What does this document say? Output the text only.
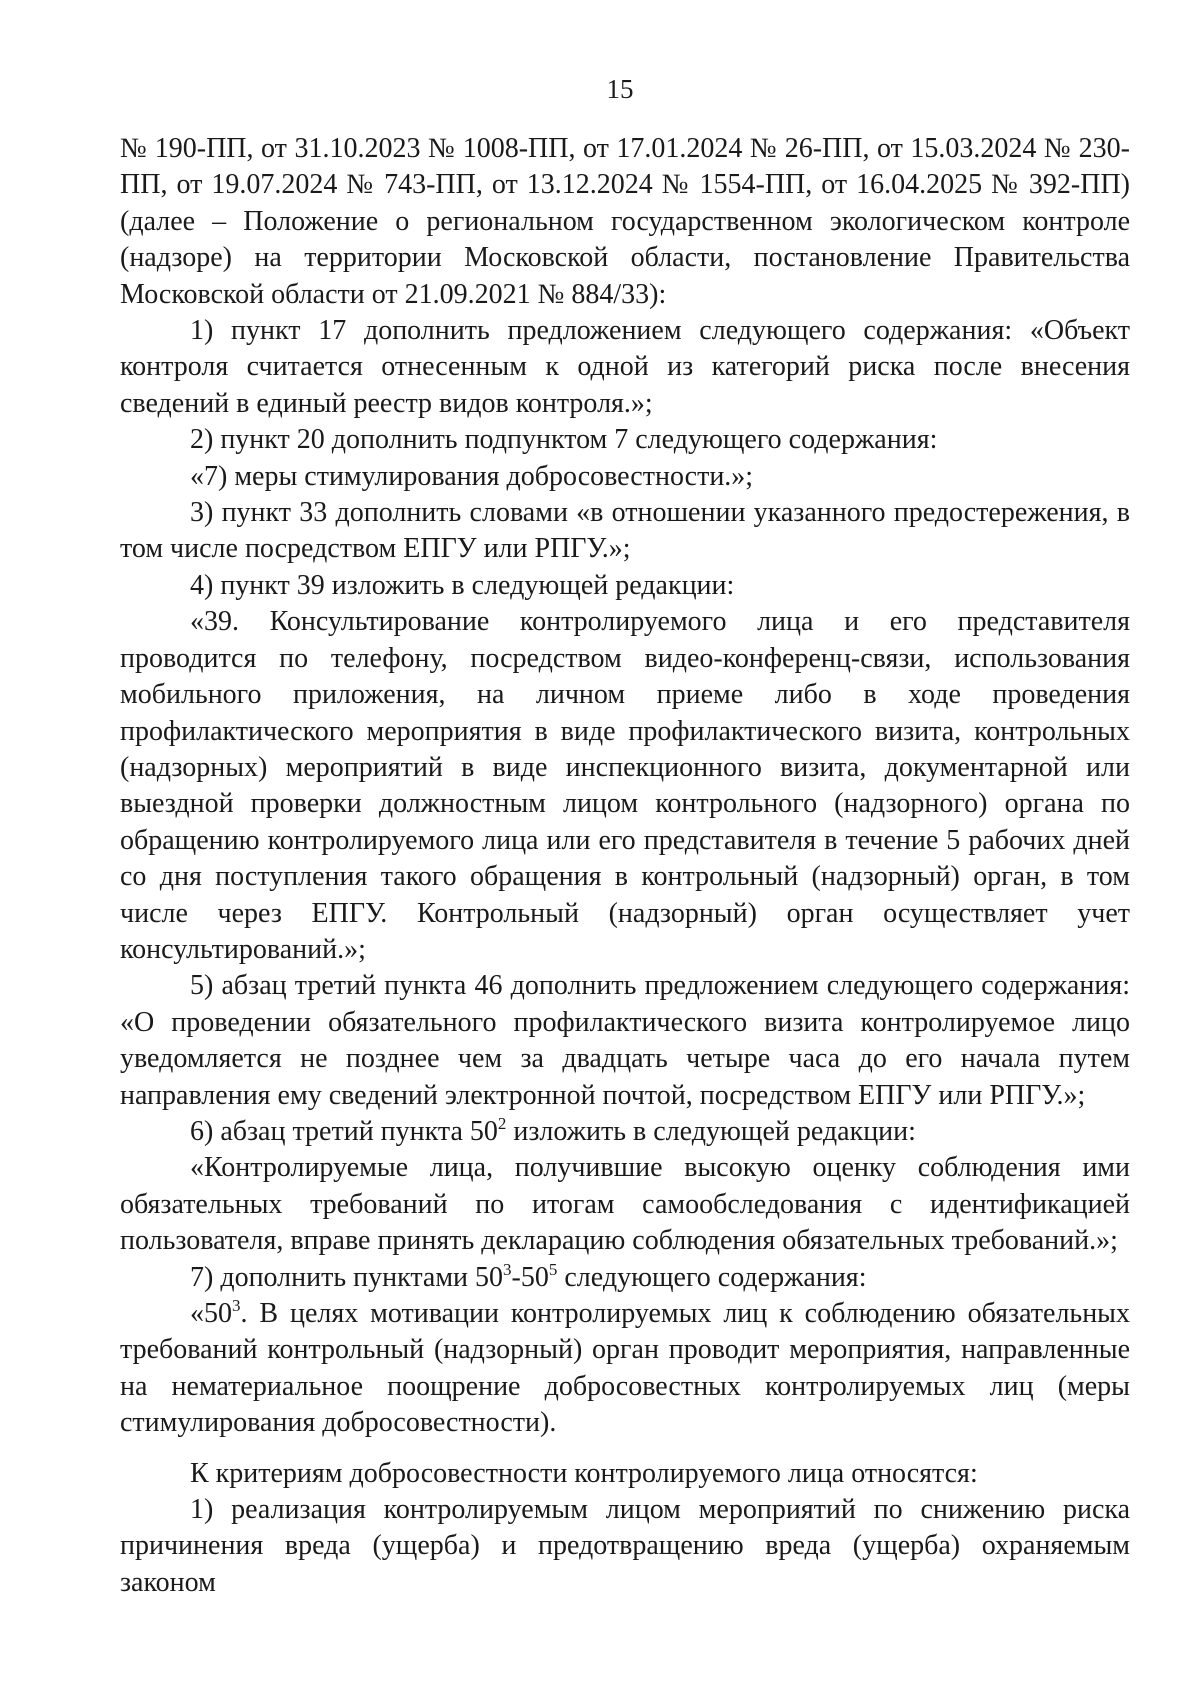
15

№ 190-ПП, от 31.10.2023 № 1008-ПП, от 17.01.2024 № 26-ПП, от 15.03.2024 № 230-ПП, от 19.07.2024 № 743-ПП, от 13.12.2024 № 1554-ПП, от 16.04.2025 № 392-ПП) (далее – Положение о региональном государственном экологическом контроле (надзоре) на территории Московской области, постановление Правительства Московской области от 21.09.2021 № 884/33):

1) пункт 17 дополнить предложением следующего содержания: «Объект контроля считается отнесенным к одной из категорий риска после внесения сведений в единый реестр видов контроля.»;

2) пункт 20 дополнить подпунктом 7 следующего содержания:

«7) меры стимулирования добросовестности.»;

3) пункт 33 дополнить словами «в отношении указанного предостережения, в том числе посредством ЕПГУ или РПГУ.»;

4) пункт 39 изложить в следующей редакции:

«39. Консультирование контролируемого лица и его представителя проводится по телефону, посредством видео-конференц-связи, использования мобильного приложения, на личном приеме либо в ходе проведения профилактического мероприятия в виде профилактического визита, контрольных (надзорных) мероприятий в виде инспекционного визита, документарной или выездной проверки должностным лицом контрольного (надзорного) органа по обращению контролируемого лица или его представителя в течение 5 рабочих дней со дня поступления такого обращения в контрольный (надзорный) орган, в том числе через ЕПГУ. Контрольный (надзорный) орган осуществляет учет консультирований.»;

5) абзац третий пункта 46 дополнить предложением следующего содержания: «О проведении обязательного профилактического визита контролируемое лицо уведомляется не позднее чем за двадцать четыре часа до его начала путем направления ему сведений электронной почтой, посредством ЕПГУ или РПГУ.»;

6) абзац третий пункта $50^2$ изложить в следующей редакции:

«Контролируемые лица, получившие высокую оценку соблюдения ими обязательных требований по итогам самообследования с идентификацией пользователя, вправе принять декларацию соблюдения обязательных требований.»;

7) дополнить пунктами $50^3-50^5$ следующего содержания:

«$50^3$. В целях мотивации контролируемых лиц к соблюдению обязательных требований контрольный (надзорный) орган проводит мероприятия, направленные на нематериальное поощрение добросовестных контролируемых лиц (меры стимулирования добросовестности).

К критериям добросовестности контролируемого лица относятся:

1) реализация контролируемым лицом мероприятий по снижению риска причинения вреда (ущерба) и предотвращению вреда (ущерба) охраняемым законом
